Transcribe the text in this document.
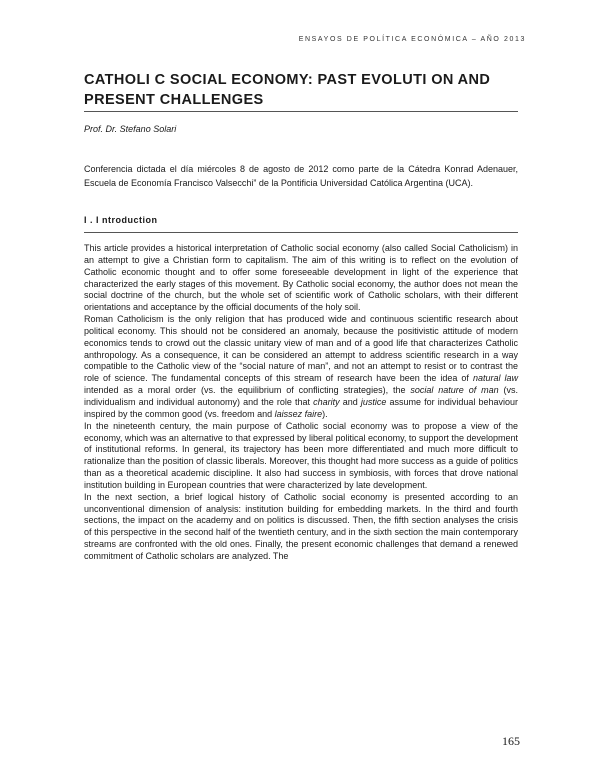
ENSAYOS DE POLÍTICA ECONÓMICA – AÑO 2013
CATHOLI C SOCIAL ECONOMY: PAST EVOLUTI ON AND PRESENT CHALLENGES
Prof. Dr. Stefano Solari
Conferencia dictada el día miércoles 8 de agosto de 2012 como parte de la Cátedra Konrad Adenauer, Escuela de Economía Francisco Valsecchi” de la Pontificia Universidad Católica Argentina (UCA).
I . I ntroduction

This article provides a historical interpretation of Catholic social economy (also called Social Catholicism) in an attempt to give a Christian form to capitalism. The aim of this writing is to reflect on the evolution of Catholic economic thought and to offer some foreseeable development in light of the experience that characterized the early stages of this movement. By Catholic social economy, the author does not mean the social doctrine of the church, but the whole set of scientific work of Catholic scholars, with their different orientations and acceptance by the official documents of the holy soil.

Roman Catholicism is the only religion that has produced wide and continuous scientific research about political economy. This should not be considered an anomaly, because the positivistic attitude of modern economics tends to crowd out the classic unitary view of man and of a good life that characterizes Catholic anthropology. As a consequence, it can be considered an attempt to address scientific research in a way compatible to the Catholic view of the “social nature of man”, and not an attempt to resist or to contrast the role of science. The fundamental concepts of this stream of research have been the idea of natural law intended as a moral order (vs. the equilibrium of conflicting strategies), the social nature of man (vs. individualism and individual autonomy) and the role that charity and justice assume for individual behaviour inspired by the common good (vs. freedom and laissez faire).

In the nineteenth century, the main purpose of Catholic social economy was to propose a view of the economy, which was an alternative to that expressed by liberal political economy, to support the development of institutional reforms. In general, its trajectory has been more differentiated and much more difficult to rationalize than the position of classic liberals. Moreover, this thought had more success as a guide of politics than as a theoretical academic discipline. It also had success in symbiosis, with forces that drove national institution building in European countries that were characterized by late development.

In the next section, a brief logical history of Catholic social economy is presented according to an unconventional dimension of analysis: institution building for embedding markets. In the third and fourth sections, the impact on the academy and on politics is discussed. Then, the fifth section analyses the crisis of this perspective in the second half of the twentieth century, and in the sixth section the main contemporary streams are confronted with the old ones. Finally, the present economic challenges that demand a renewed commitment of Catholic scholars are analyzed. The

165
